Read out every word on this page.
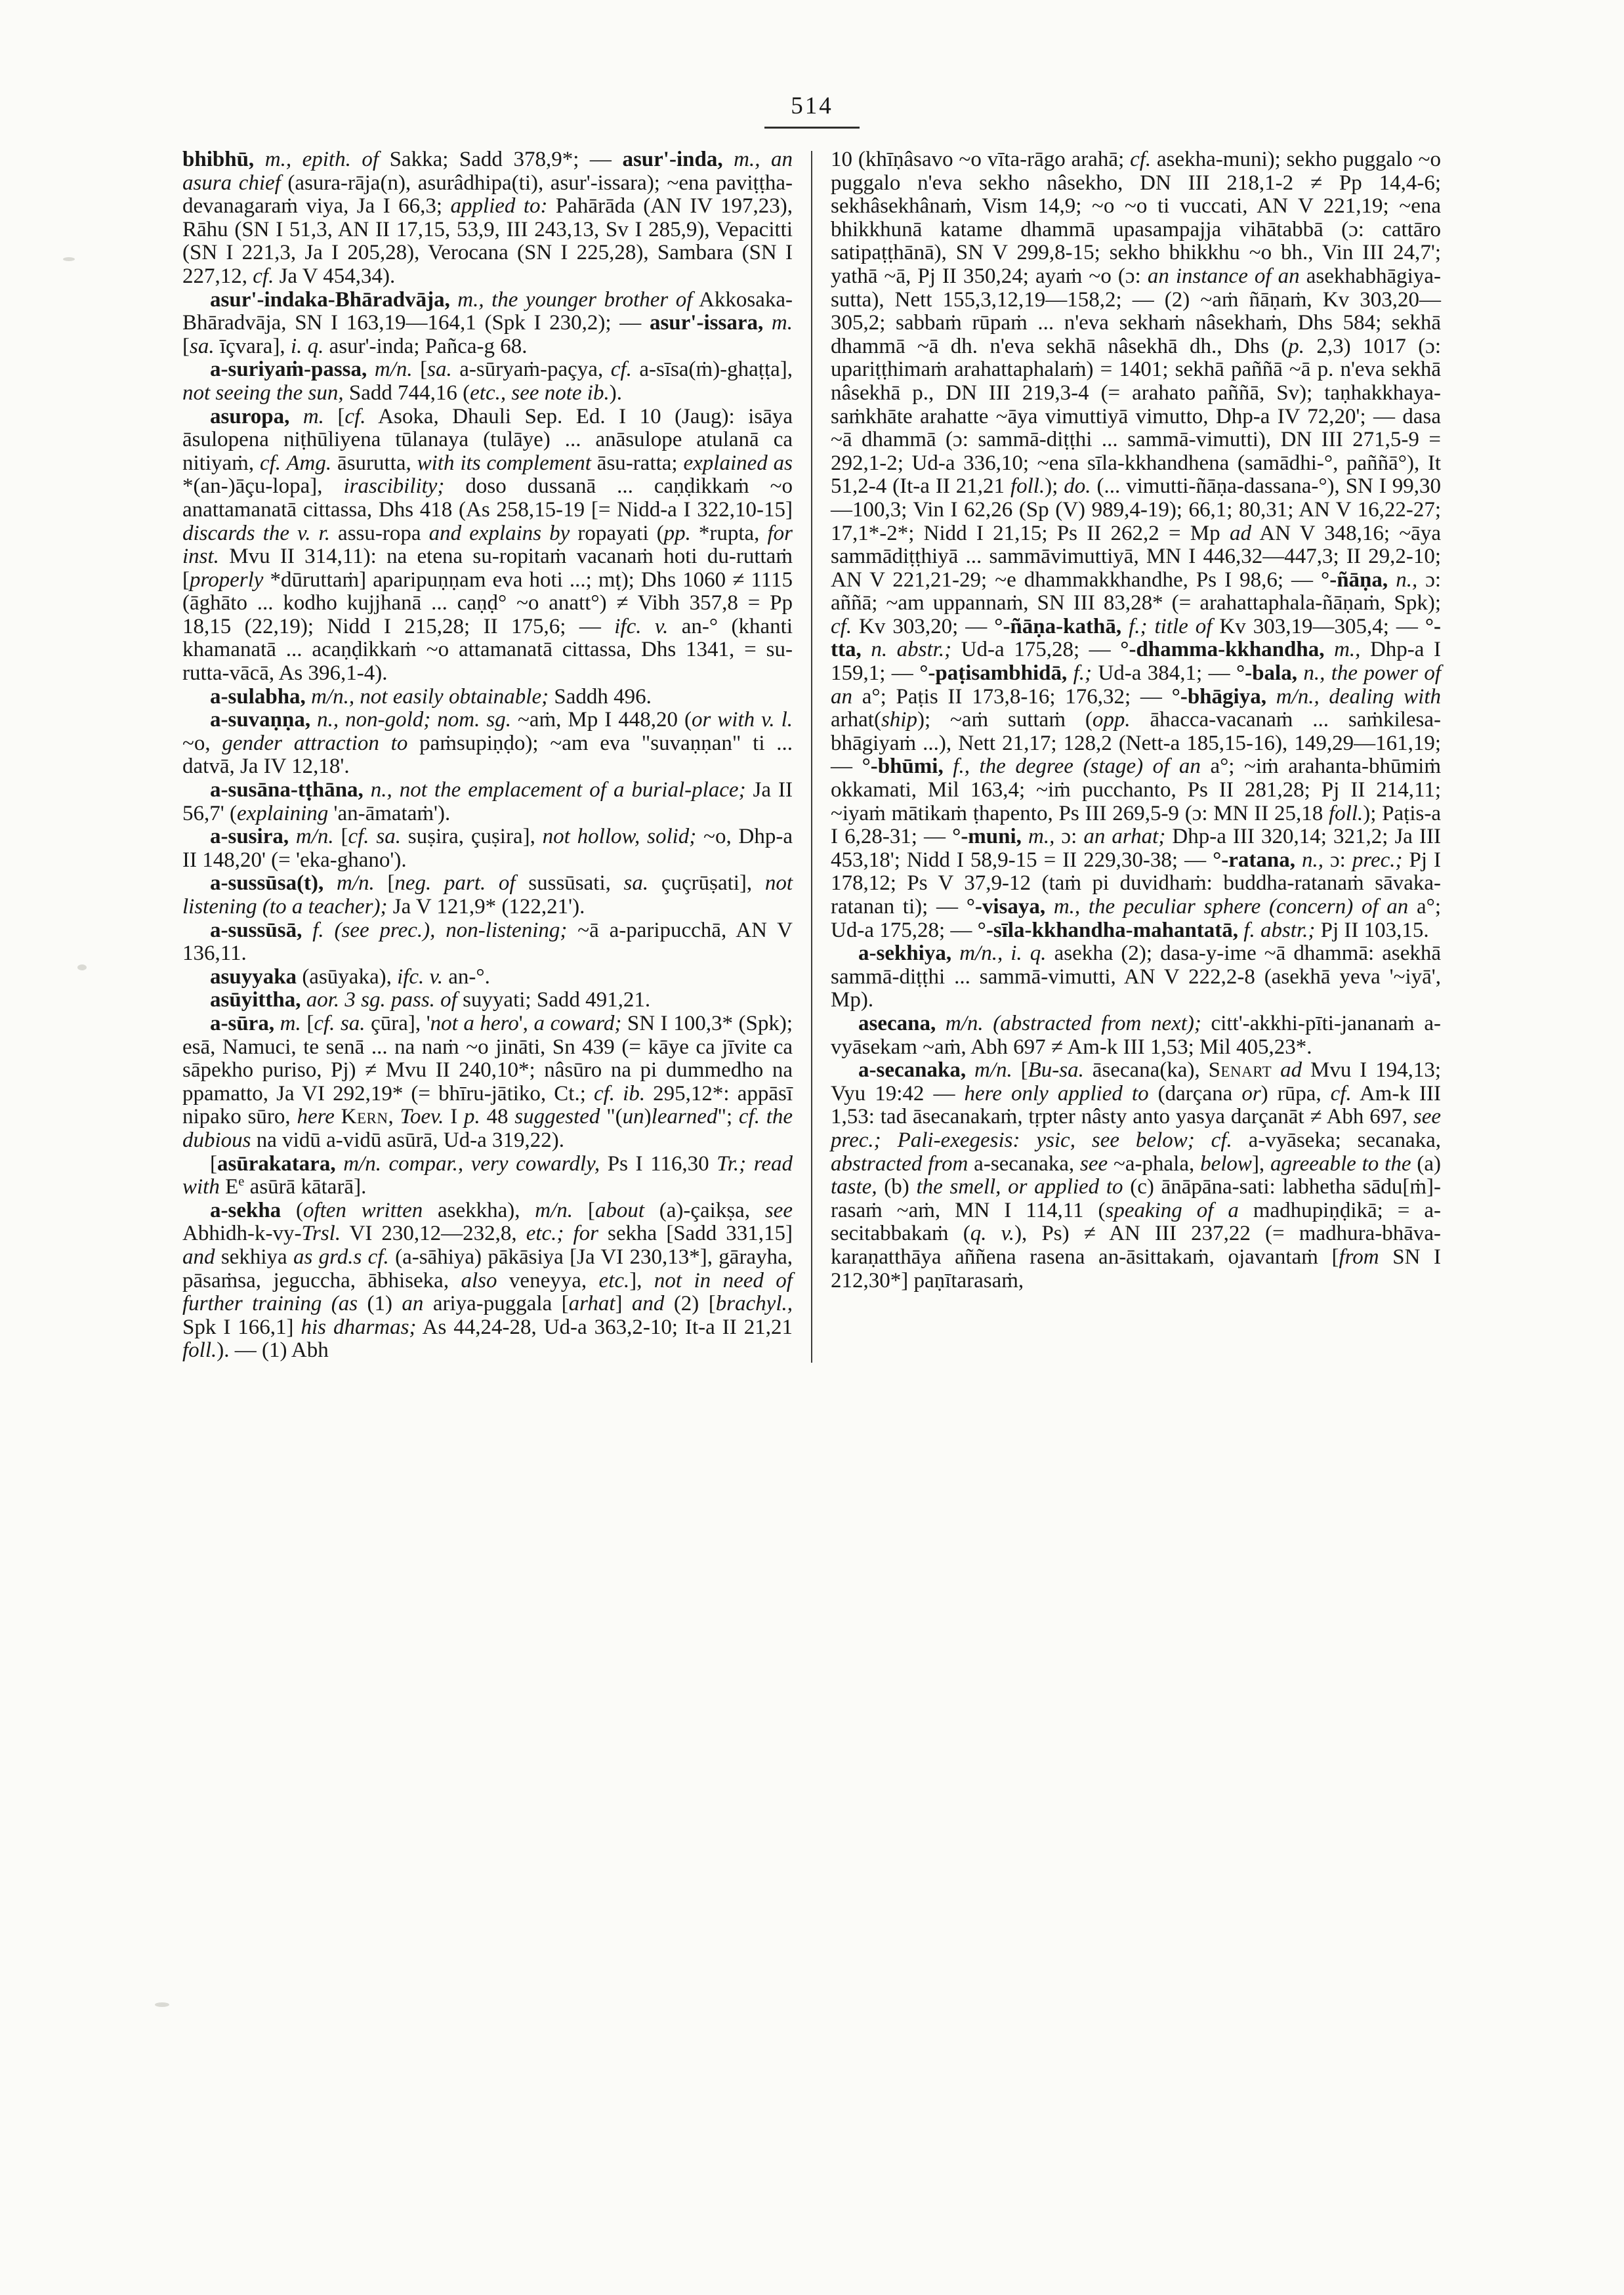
514

bhibhū, m., epith. of Sakka; Sadd 378,9*; — asur'-inda, m., an asura chief (asura-rāja(n), asurâdhipa(ti), asur'-issara); ~ena paviṭṭha-devanagaraṁ viya, Ja I 66,3; applied to: Pahārāda (AN IV 197,23), Rāhu (SN I 51,3, AN II 17,15, 53,9, III 243,13, Sv I 285,9), Vepacitti (SN I 221,3, Ja I 205,28), Verocana (SN I 225,28), Sambara (SN I 227,12, cf. Ja V 454,34).

asur'-indaka-Bhāradvāja, m., the younger brother of Akkosaka-Bhāradvāja, SN I 163,19—164,1 (Spk I 230,2); — asur'-issara, m. [sa. īçvara], i. q. asur'-inda; Pañca-g 68.

a-suriyaṁ-passa, m/n. [sa. a-sūryaṁ-paçya, cf. a-sīsa(ṁ)-ghaṭṭa], not seeing the sun, Sadd 744,16 (etc., see note ib.).

asuropa, m. [cf. Asoka, Dhauli Sep. Ed. I 10 (Jaug): isāya āsulopena niṭhūliyena tūlanaya (tulāye) ... anāsulope atulanā ca nitiyaṁ, cf. Amg. āsurutta, with its complement āsu-ratta; explained as *(an-)āçu-lopa], irascibility; doso dussanā ... caṇḍikkaṁ ~o anattamanatā cittassa, Dhs 418 (As 258,15-19 [= Nidd-a I 322,10-15] discards the v. r. assu-ropa and explains by ropayati (pp. *rupta, for inst. Mvu II 314,11): na etena su-ropitaṁ vacanaṁ hoti du-ruttaṁ [properly *dūruttaṁ] aparipuṇṇam eva hoti ...; mṭ); Dhs 1060 ≠ 1115 (āghāto ... kodho kujjhanā ... caṇḍ° ~o anatt°) ≠ Vibh 357,8 = Pp 18,15 (22,19); Nidd I 215,28; II 175,6; — ifc. v. an-° (khanti khamanatā ... acaṇḍikkaṁ ~o attamanatā cittassa, Dhs 1341, = su-rutta-vācā, As 396,1-4).

a-sulabha, m/n., not easily obtainable; Saddh 496.

a-suvaṇṇa, n., non-gold; nom. sg. ~aṁ, Mp I 448,20 (or with v. l. ~o, gender attraction to paṁsupiṇḍo); ~am eva "suvaṇṇan" ti ... datvā, Ja IV 12,18'.

a-susāna-tṭhāna, n., not the emplacement of a burial-place; Ja II 56,7' (explaining 'an-āmataṁ').

a-susira, m/n. [cf. sa. suṣira, çuṣira], not hollow, solid; ~o, Dhp-a II 148,20' (= 'eka-ghano').

a-sussūsa(t), m/n. [neg. part. of sussūsati, sa. çuçrūṣati], not listening (to a teacher); Ja V 121,9* (122,21').

a-sussūsā, f. (see prec.), non-listening; ~ā a-paripucchā, AN V 136,11.

asuyyaka (asūyaka), ifc. v. an-°.

asūyittha, aor. 3 sg. pass. of suyyati; Sadd 491,21.

a-sūra, m. [cf. sa. çūra], 'not a hero', a coward; SN I 100,3* (Spk); esā, Namuci, te senā ... na naṁ ~o jināti, Sn 439 (= kāye ca jīvite ca sāpekho puriso, Pj) ≠ Mvu II 240,10*; nâsūro na pi dummedho na ppamatto, Ja VI 292,19* (= bhīru-jātiko, Ct.; cf. ib. 295,12*: appāsī nipako sūro, here Kern, Toev. I p. 48 suggested "(un)learned"; cf. the dubious na vidū a-vidū asūrā, Ud-a 319,22).

[asūrakatara, m/n. compar., very cowardly, Ps I 116,30 Tr.; read with $E^e$ asūrā kātarā].

a-sekha (often written asekkha), m/n. [about (a)-çaikṣa, see Abhidh-k-vy-Trsl. VI 230,12—232,8, etc.; for sekha [Sadd 331,15] and sekhiya as grd.s cf. (a-sāhiya) pākāsiya [Ja VI 230,13*], gārayha, pāsaṁsa, jeguccha, ābhiseka, also veneyya, etc.], not in need of further training (as (1) an ariya-puggala [arhat] and (2) [brachyl., Spk I 166,1] his dharmas; As 44,24-28, Ud-a 363,2-10; It-a II 21,21 foll.). — (1) Abh

10 (khīṇâsavo ~o vīta-rāgo arahā; cf. asekha-muni); sekho puggalo ~o puggalo n'eva sekho nâsekho, DN III 218,1-2 ≠ Pp 14,4-6; sekhâsekhânaṁ, Vism 14,9; ~o ~o ti vuccati, AN V 221,19; ~ena bhikkhunā katame dhammā upasampajja vihātabbā (ɔ: cattāro satipaṭṭhānā), SN V 299,8-15; sekho bhikkhu ~o bh., Vin III 24,7'; yathā ~ā, Pj II 350,24; ayaṁ ~o (ɔ: an instance of an asekhabhāgiya-sutta), Nett 155,3,12,19—158,2; — (2) ~aṁ ñāṇaṁ, Kv 303,20—305,2; sabbaṁ rūpaṁ ... n'eva sekhaṁ nâsekhaṁ, Dhs 584; sekhā dhammā ~ā dh. n'eva sekhā nâsekhā dh., Dhs (p. 2,3) 1017 (ɔ: upariṭṭhimaṁ arahattaphalaṁ) = 1401; sekhā paññā ~ā p. n'eva sekhā nâsekhā p., DN III 219,3-4 (= arahato paññā, Sv); taṇhakkhaya-saṁkhāte arahatte ~āya vimuttiyā vimutto, Dhp-a IV 72,20'; — dasa ~ā dhammā (ɔ: sammā-diṭṭhi ... sammā-vimutti), DN III 271,5-9 = 292,1-2; Ud-a 336,10; ~ena sīla-kkhandhena (samādhi-°, paññā°), It 51,2-4 (It-a II 21,21 foll.); do. (... vimutti-ñāṇa-dassana-°), SN I 99,30—100,3; Vin I 62,26 (Sp (V) 989,4-19); 66,1; 80,31; AN V 16,22-27; 17,1*-2*; Nidd I 21,15; Ps II 262,2 = Mp ad AN V 348,16; ~āya sammādiṭṭhiyā ... sammāvimuttiyā, MN I 446,32—447,3; II 29,2-10; AN V 221,21-29; ~e dhammakkhandhe, Ps I 98,6; — °-ñāṇa, n., ɔ: aññā; ~am uppannaṁ, SN III 83,28* (= arahattaphala-ñāṇaṁ, Spk); cf. Kv 303,20; — °-ñāṇa-kathā, f.; title of Kv 303,19—305,4; — °-tta, n. abstr.; Ud-a 175,28; — °-dhamma-kkhandha, m., Dhp-a I 159,1; — °-paṭisambhidā, f.; Ud-a 384,1; — °-bala, n., the power of an a°; Paṭis II 173,8-16; 176,32; — °-bhāgiya, m/n., dealing with arhat(ship); ~aṁ suttaṁ (opp. āhacca-vacanaṁ ... saṁkilesa-bhāgiyaṁ ...), Nett 21,17; 128,2 (Nett-a 185,15-16), 149,29—161,19; — °-bhūmi, f., the degree (stage) of an a°; ~iṁ arahanta-bhūmiṁ okkamati, Mil 163,4; ~iṁ pucchanto, Ps II 281,28; Pj II 214,11; ~iyaṁ mātikaṁ ṭhapento, Ps III 269,5-9 (ɔ: MN II 25,18 foll.); Paṭis-a I 6,28-31; — °-muni, m., ɔ: an arhat; Dhp-a III 320,14; 321,2; Ja III 453,18'; Nidd I 58,9-15 = II 229,30-38; — °-ratana, n., ɔ: prec.; Pj I 178,12; Ps V 37,9-12 (taṁ pi duvidhaṁ: buddha-ratanaṁ sāvaka-ratanan ti); — °-visaya, m., the peculiar sphere (concern) of an a°; Ud-a 175,28; — °-sīla-kkhandha-mahantatā, f. abstr.; Pj II 103,15.

a-sekhiya, m/n., i. q. asekha (2); dasa-y-ime ~ā dhammā: asekhā sammā-diṭṭhi ... sammā-vimutti, AN V 222,2-8 (asekhā yeva '~iyā', Mp).

asecana, m/n. (abstracted from next); citt'-akkhi-pīti-jananaṁ a-vyāsekam ~aṁ, Abh 697 ≠ Am-k III 1,53; Mil 405,23*.

a-secanaka, m/n. [Bu-sa. āsecana(ka), Senart ad Mvu I 194,13; Vyu 19:42 — here only applied to (darçana or) rūpa, cf. Am-k III 1,53: tad āsecanakaṁ, tṛpter nâsty anto yasya darçanāt ≠ Abh 697, see prec.; Pali-exegesis: ysic, see below; cf. a-vyāseka; secanaka, abstracted from a-secanaka, see ~a-phala, below], agreeable to the (a) taste, (b) the smell, or applied to (c) ānāpāna-sati: labhetha sādu[ṁ]-rasaṁ ~aṁ, MN I 114,11 (speaking of a madhupiṇḍikā; = a-secitabbakaṁ (q. v.), Ps) ≠ AN III 237,22 (= madhura-bhāva-karaṇatthāya aññena rasena an-āsittakaṁ, ojavantaṁ [from SN I 212,30*] paṇītarasaṁ,
